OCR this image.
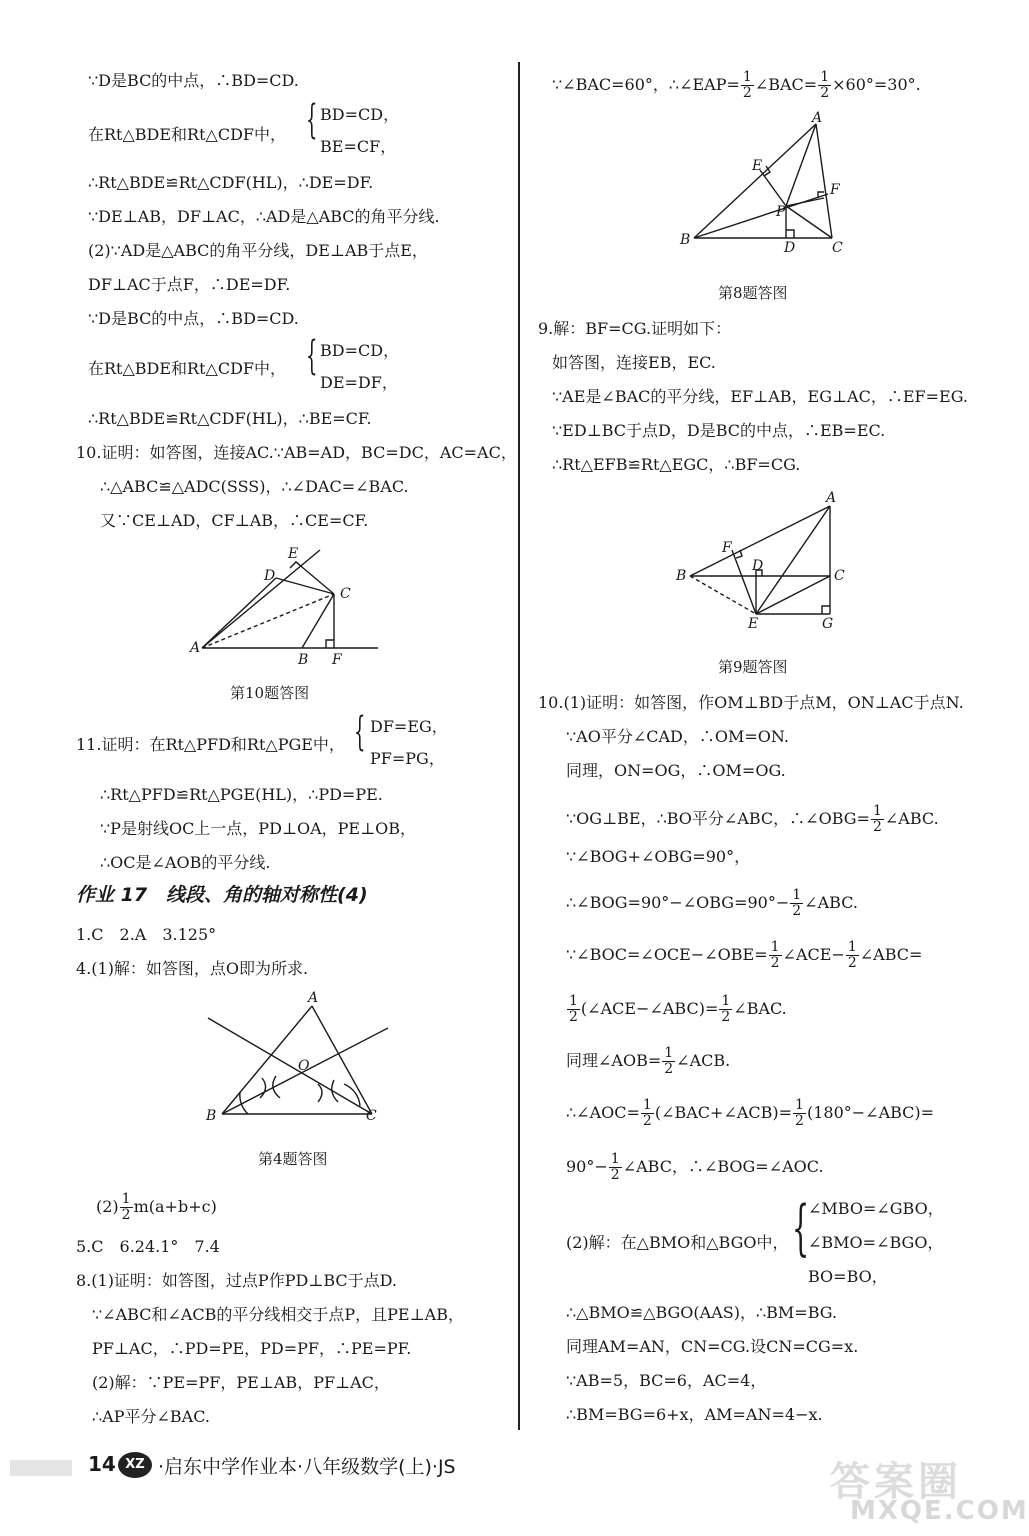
∵D是BC的中点，∴BD=CD.
在Rt△BDE和Rt△CDF中， { BD=CD，
BE=CF，
∴Rt△BDE≌Rt△CDF(HL)，∴DE=DF.
∵DE⊥AB，DF⊥AC，∴AD是△ABC的角平分线.
(2)∵AD是△ABC的角平分线，DE⊥AB于点E，
DF⊥AC于点F，∴DE=DF.
∵D是BC的中点，∴BD=CD.
在Rt△BDE和Rt△CDF中， { BD=CD，
DE=DF，
∴Rt△BDE≌Rt△CDF(HL)，∴BE=CF.
10.证明：如答图，连接AC.∵AB=AD，BC=DC，AC=AC，
∴△ABC≌△ADC(SSS)，∴∠DAC=∠BAC.
又∵CE⊥AD，CF⊥AB，∴CE=CF.
E
D
C
A
B F
第10题答图
11.证明：在Rt△PFD和Rt△PGE中， { DF=EG，
PF=PG，
∴Rt△PFD≌Rt△PGE(HL)，∴PD=PE.
∵P是射线OC上一点，PD⊥OA，PE⊥OB，
∴OC是∠AOB的平分线.
作业 17　线段、角的轴对称性(4)
1.C　2.A　3.125°
4.(1)解：如答图，点O即为所求.
A
O
B	C
第4题答图
$(2) \frac{1}{2} m(a+b+c)$
5.C　6.24.1°　7.4
8.(1)证明：如答图，过点P作PD⊥BC于点D.
∵∠ABC和∠ACB的平分线相交于点P，且PE⊥AB，
PF⊥AC，∴PD=PE，PD=PF，∴PE=PF.
(2)解：∵PE=PF，PE⊥AB，PF⊥AC，
∴AP平分∠BAC.
∵∠BAC=60°，∴∠EAP= $\frac{1}{2}$ ∠BAC= $\frac{1}{2} \times 60^\circ=30^\circ$.
A
E
F
P
B	D	C
第8题答图
9.解：BF=CG.证明如下：
如答图，连接EB，EC.
∵AE是∠BAC的平分线，EF⊥AB，EG⊥AC，∴EF=EG.
∵ED⊥BC于点D，D是BC的中点，∴EB=EC.
∴Rt△EFB≌Rt△EGC，∴BF=CG.
A
F
D
B	C
E	G
第9题答图
10.(1)证明：如答图，作OM⊥BD于点M，ON⊥AC于点N.
∵AO平分∠CAD，∴OM=ON.
同理，ON=OG，∴OM=OG.
∵OG⊥BE，∴BO平分∠ABC，∴∠OBG= $\frac{1}{2}$ ∠ABC.
∵∠BOG+∠OBG=90°，
∴∠BOG=90°−∠OBG=90°− $\frac{1}{2}$ ∠ABC.
∵∠BOC=∠OCE−∠OBE= $\frac{1}{2}$ ∠ACE− $\frac{1}{2}$ ∠ABC=
$\frac{1}{2}$ (∠ACE−∠ABC)= $\frac{1}{2}$ ∠BAC.
同理∠AOB= $\frac{1}{2}$ ∠ACB.
∴∠AOC= $\frac{1}{2}$ (∠BAC+∠ACB)= $\frac{1}{2}$ (180°−∠ABC)=
$90^\circ- \frac{1}{2}$ ∠ABC，∴∠BOG=∠AOC.
(2)解：在△BMO和△BGO中， {
∠MBO=∠GBO，
∠BMO=∠BGO，
BO=BO，
∴△BMO≌△BGO(AAS)，∴BM=BG.
同理AM=AN，CN=CG.设CN=CG=x.
∵AB=5，BC=6，AC=4，
∴BM=BG=6+x，AM=AN=4−x.
14 XZ ·启东中学作业本·八年级数学(上)·JS	答案圈
MXQE.COM
